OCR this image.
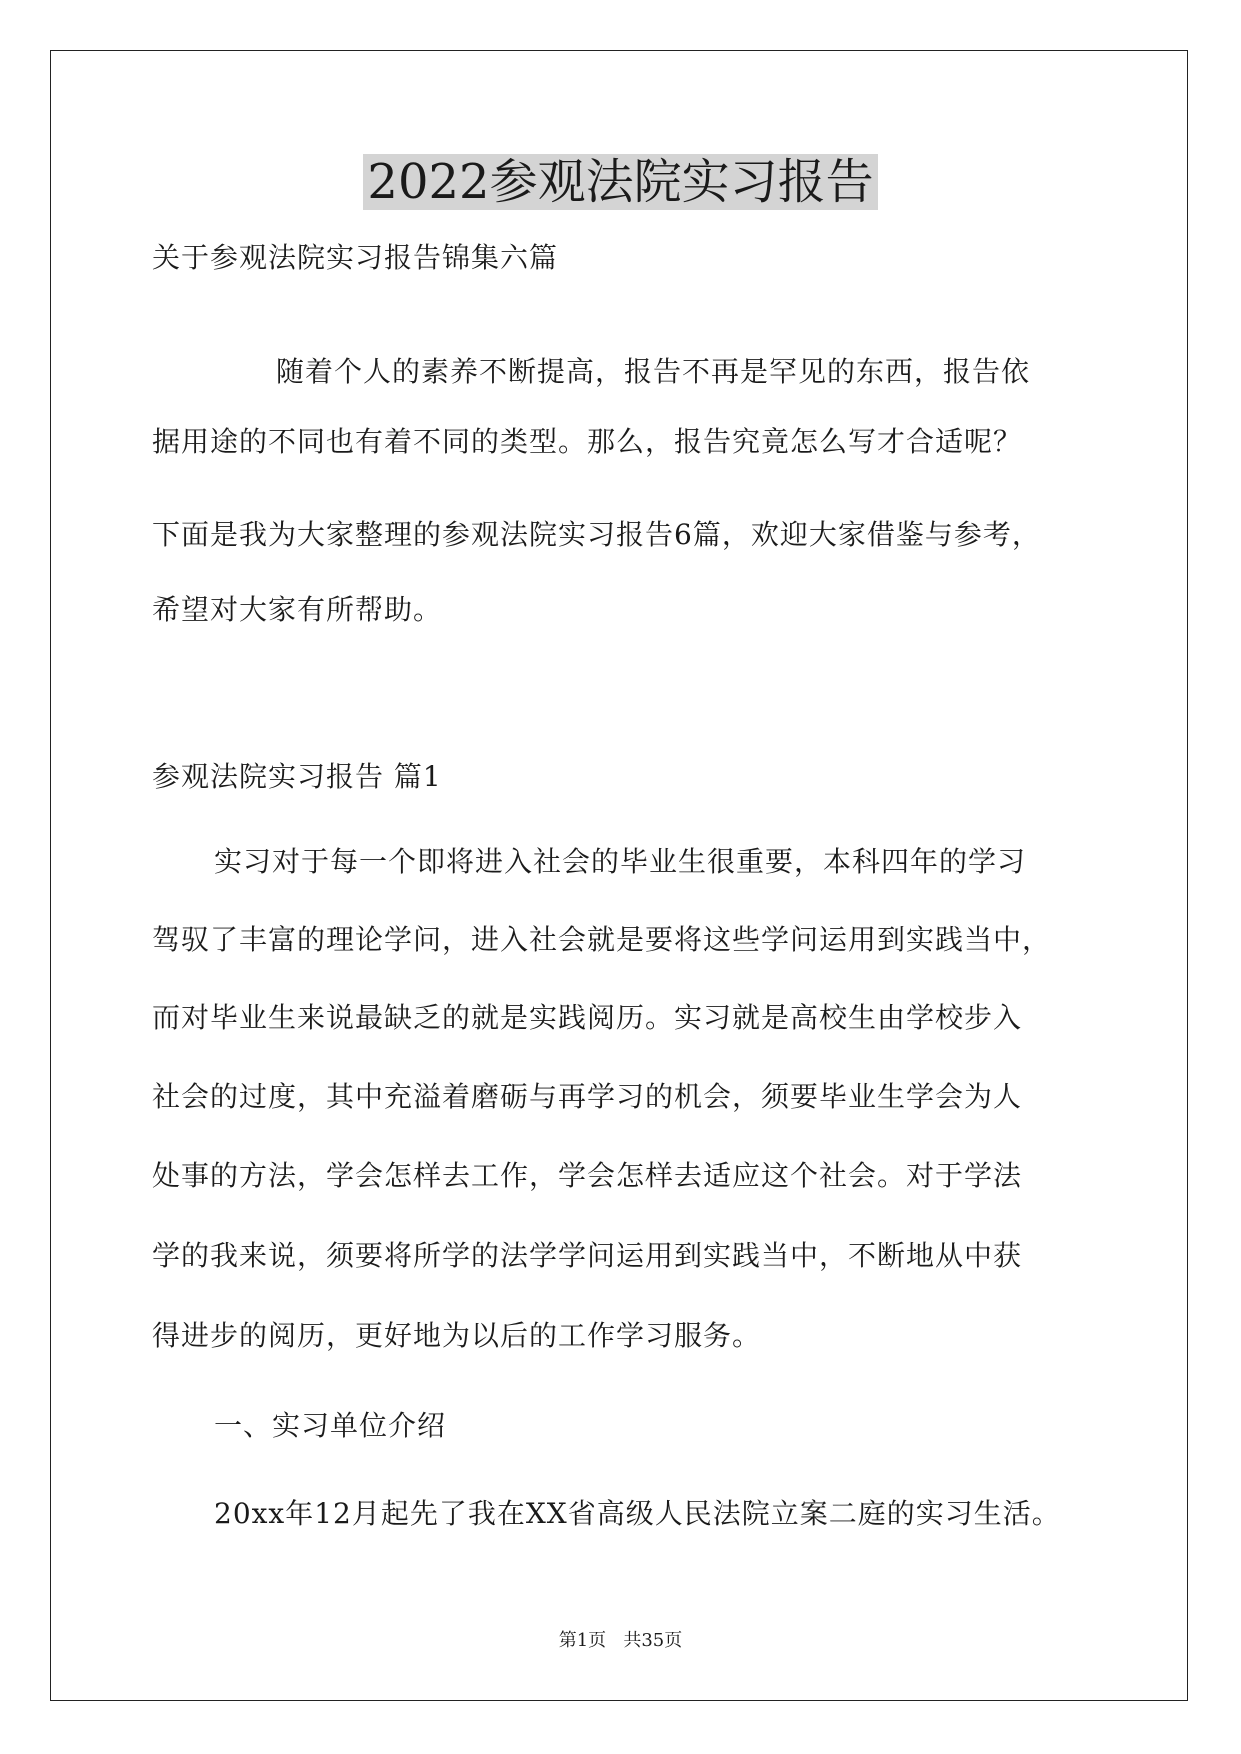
2022参观法院实习报告
关于参观法院实习报告锦集六篇
随着个人的素养不断提高，报告不再是罕见的东西，报告依
据用途的不同也有着不同的类型。那么，报告究竟怎么写才合适呢？
下面是我为大家整理的参观法院实习报告6篇，欢迎大家借鉴与参考，
希望对大家有所帮助。
参观法院实习报告 篇1
实习对于每一个即将进入社会的毕业生很重要，本科四年的学习
驾驭了丰富的理论学问，进入社会就是要将这些学问运用到实践当中，
而对毕业生来说最缺乏的就是实践阅历。实习就是高校生由学校步入
社会的过度，其中充溢着磨砺与再学习的机会，须要毕业生学会为人
处事的方法，学会怎样去工作，学会怎样去适应这个社会。对于学法
学的我来说，须要将所学的法学学问运用到实践当中，不断地从中获
得进步的阅历，更好地为以后的工作学习服务。
一、实习单位介绍
20xx年12月起先了我在XX省高级人民法院立案二庭的实习生活。
第1页   共35页
